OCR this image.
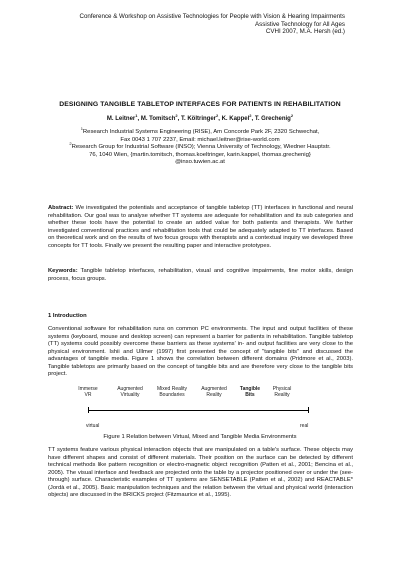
Conference & Workshop on Assistive Technologies for People with Vision & Hearing Impairments
Assistive Technology for All Ages
CVHI 2007, M.A. Hersh (ed.)
DESIGNING TANGIBLE TABLETOP INTERFACES FOR PATIENTS IN REHABILITATION
M. Leitner$^1$, M. Tomitsch$^2$, T. Költringer$^2$, K. Kappel$^2$, T. Grechenig$^2$
$^1$Research Industrial Systems Engineering (RISE), Am Concorde Park 2F, 2320 Schwechat,
Fax 0043 1 707 2237, Email: michael.leitner@rise-world.com
$^2$Research Group for Industrial Software (INSO); Vienna University of Technology, Wiedner Hauptstr.
76, 1040 Wien, {martin.tomitsch, thomas.koeltringer, karin.kappel, thomas.grechenig}
@inso.tuwien.ac.at
Abstract: We investigated the potentials and acceptance of tangible tabletop (TT) interfaces in functional and neural rehabilitation. Our goal was to analyse whether TT systems are adequate for rehabilitation and its sub categories and whether these tools have the potential to create an added value for both patients and therapists. We further investigated conventional practices and rehabilitation tools that could be adequately adapted to TT interfaces. Based on theoretical work and on the results of two focus groups with therapists and a contextual inquiry we developed three concepts for TT tools. Finally we present the resulting paper and interactive prototypes.
Keywords: Tangible tabletop interfaces, rehabilitation, visual and cognitive impairments, fine motor skills, design process, focus groups.
1 Introduction
Conventional software for rehabilitation runs on common PC environments. The input and output facilities of these systems (keyboard, mouse and desktop screen) can represent a barrier for patients in rehabilitation. Tangible tabletop (TT) systems could possibly overcome these barriers as these systems' in- and output facilities are very close to the physical environment. Ishii and Ullmer (1997) first presented the concept of "tangible bits" and discussed the advantages of tangible media. Figure 1 shows the correlation between different domains (Pridmore et al., 2003). Tangible tabletops are primarily based on the concept of tangible bits and are therefore very close to the tangible bits project.
Immerse
VR
Augmented
Virtuality
Mixed Reality
Boundaries
Augmented
Reality
Tangible
Bits
Physical
Reality
virtual	real
Figure 1 Relation between Virtual, Mixed and Tangible Media Environments
TT systems feature various physical interaction objects that are manipulated on a table's surface. These objects may have different shapes and consist of different materials. Their position on the surface can be detected by different technical methods like pattern recognition or electro-magnetic object recognition (Patten et al., 2001; Bencina et al., 2005). The visual interface and feedback are projected onto the table by a projector positioned over or under the (see-through) surface. Characteristic examples of TT systems are SENSETABLE (Patten et al., 2002) and REACTABLE* (Jordà et al., 2005). Basic manipulation techniques and the relation between the virtual and physical world (interaction objects) are discussed in the BRICKS project (Fitzmaurice et al., 1995).
